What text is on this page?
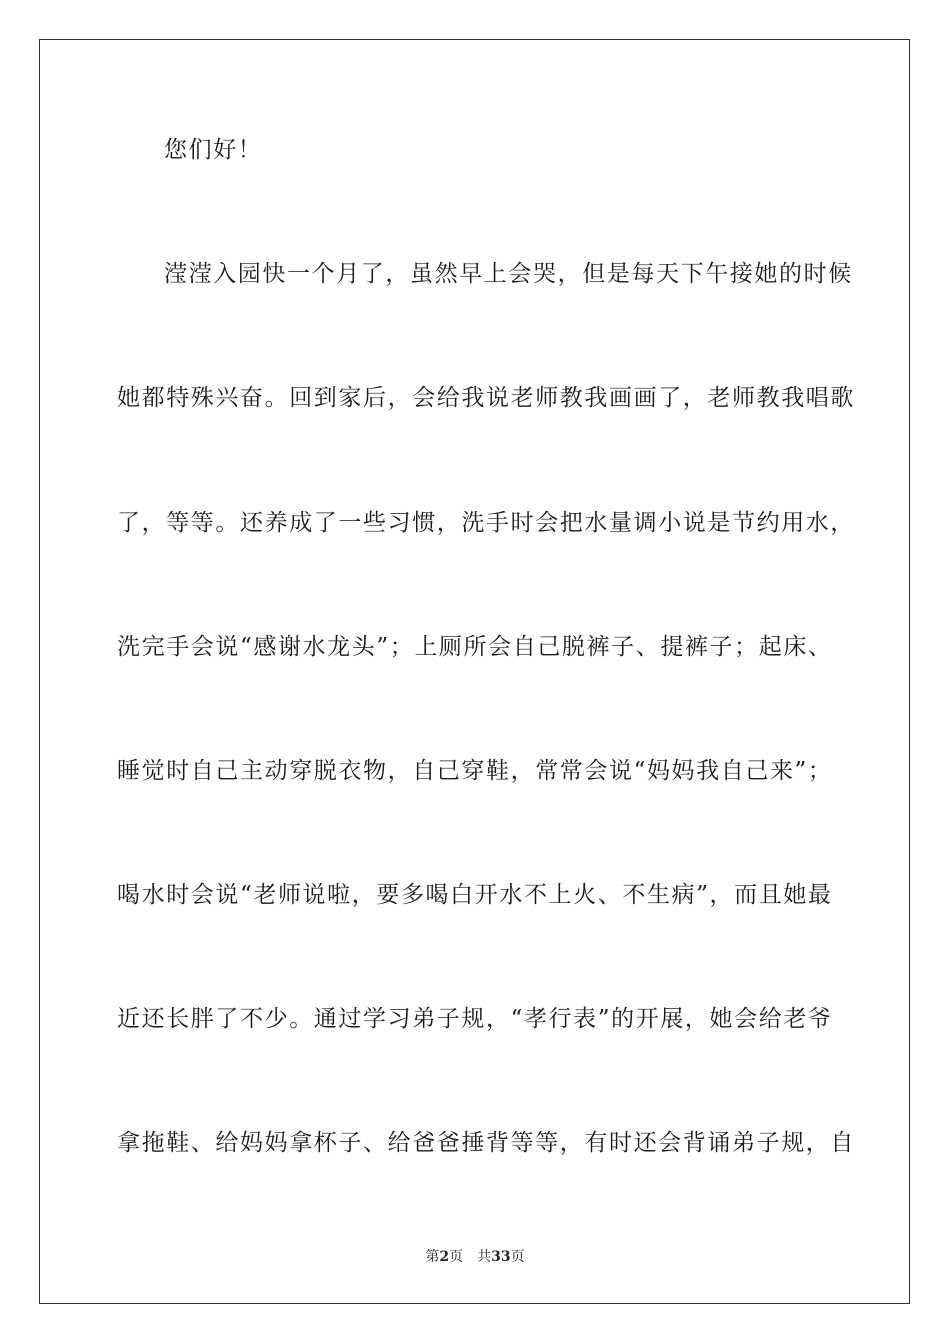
您们好！
滢滢入园快一个月了，虽然早上会哭，但是每天下午接她的时候
她都特殊兴奋。回到家后，会给我说老师教我画画了，老师教我唱歌
了，等等。还养成了一些习惯，洗手时会把水量调小说是节约用水，
洗完手会说“感谢水龙头”；上厕所会自己脱裤子、提裤子；起床、
睡觉时自己主动穿脱衣物，自己穿鞋，常常会说“妈妈我自己来”；
喝水时会说“老师说啦，要多喝白开水不上火、不生病”，而且她最
近还长胖了不少。通过学习弟子规，“孝行表”的开展，她会给老爷
拿拖鞋、给妈妈拿杯子、给爸爸捶背等等，有时还会背诵弟子规，自
第2页 共33页
